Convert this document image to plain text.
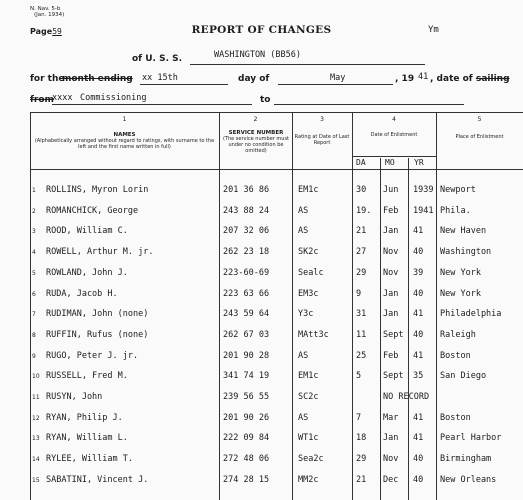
N. Nav. 5-b
(Jan. 1934)
Page59	REPORT OF CHANGES	Ym
of U. S. S.	WASHINGTON (BB56)
for the
month ending xx 15th	day of	May	, 19 41 , date of sailing
from
xxxx Commissioning	to
1	2	3	4	5
NAMES
(Alphabetically arranged without regard to ratings, with surname to the left and the first name written in full)
SERVICE NUMBER
(The service number must under no condition be omitted)
Rating at Date of Last Report
Date of Enlistment
DA MO YR
Place of Enlistment
1 ROLLINS, Myron Lorin	201 36 86	EM1c	30 Jun 1939 Newport
2 ROMANCHICK, George	243 88 24	AS	19. Feb 1941 Phila.
3 ROOD, William C.	207 32 06	AS	21 Jan 41 New Haven
4 ROWELL, Arthur M. jr.	262 23 18	SK2c	27 Nov 40 Washington
5 ROWLAND, John J.	223-60-69	Sealc	29 Nov 39 New York
6 RUDA, Jacob H.	223 63 66	EM3c	9	Jan 40 New York
7 RUDIMAN, John (none)	243 59 64	Y3c	31 Jan 41 Philadelphia
8 RUFFIN, Rufus (none)	262 67 03	MAtt3c	11 Sept 40 Raleigh
9 RUGO, Peter J. jr.	201 90 28	AS	25 Feb 41 Boston
10 RUSSELL, Fred M.	341 74 19	EM1c	5	Sept 35 San Diego
11 RUSYN, John	239 56 55	SC2c	NO RECORD
12 RYAN, Philip J.	201 90 26	AS	7	Mar 41 Boston
13 RYAN, William L.	222 09 84	WT1c	18 Jan 41 Pearl Harbor
14 RYLEE, William T.	272 48 06	Sea2c	29 Nov 40 Birmingham
15 SABATINI, Vincent J.	274 28 15	MM2c	21 Dec 40 New Orleans
